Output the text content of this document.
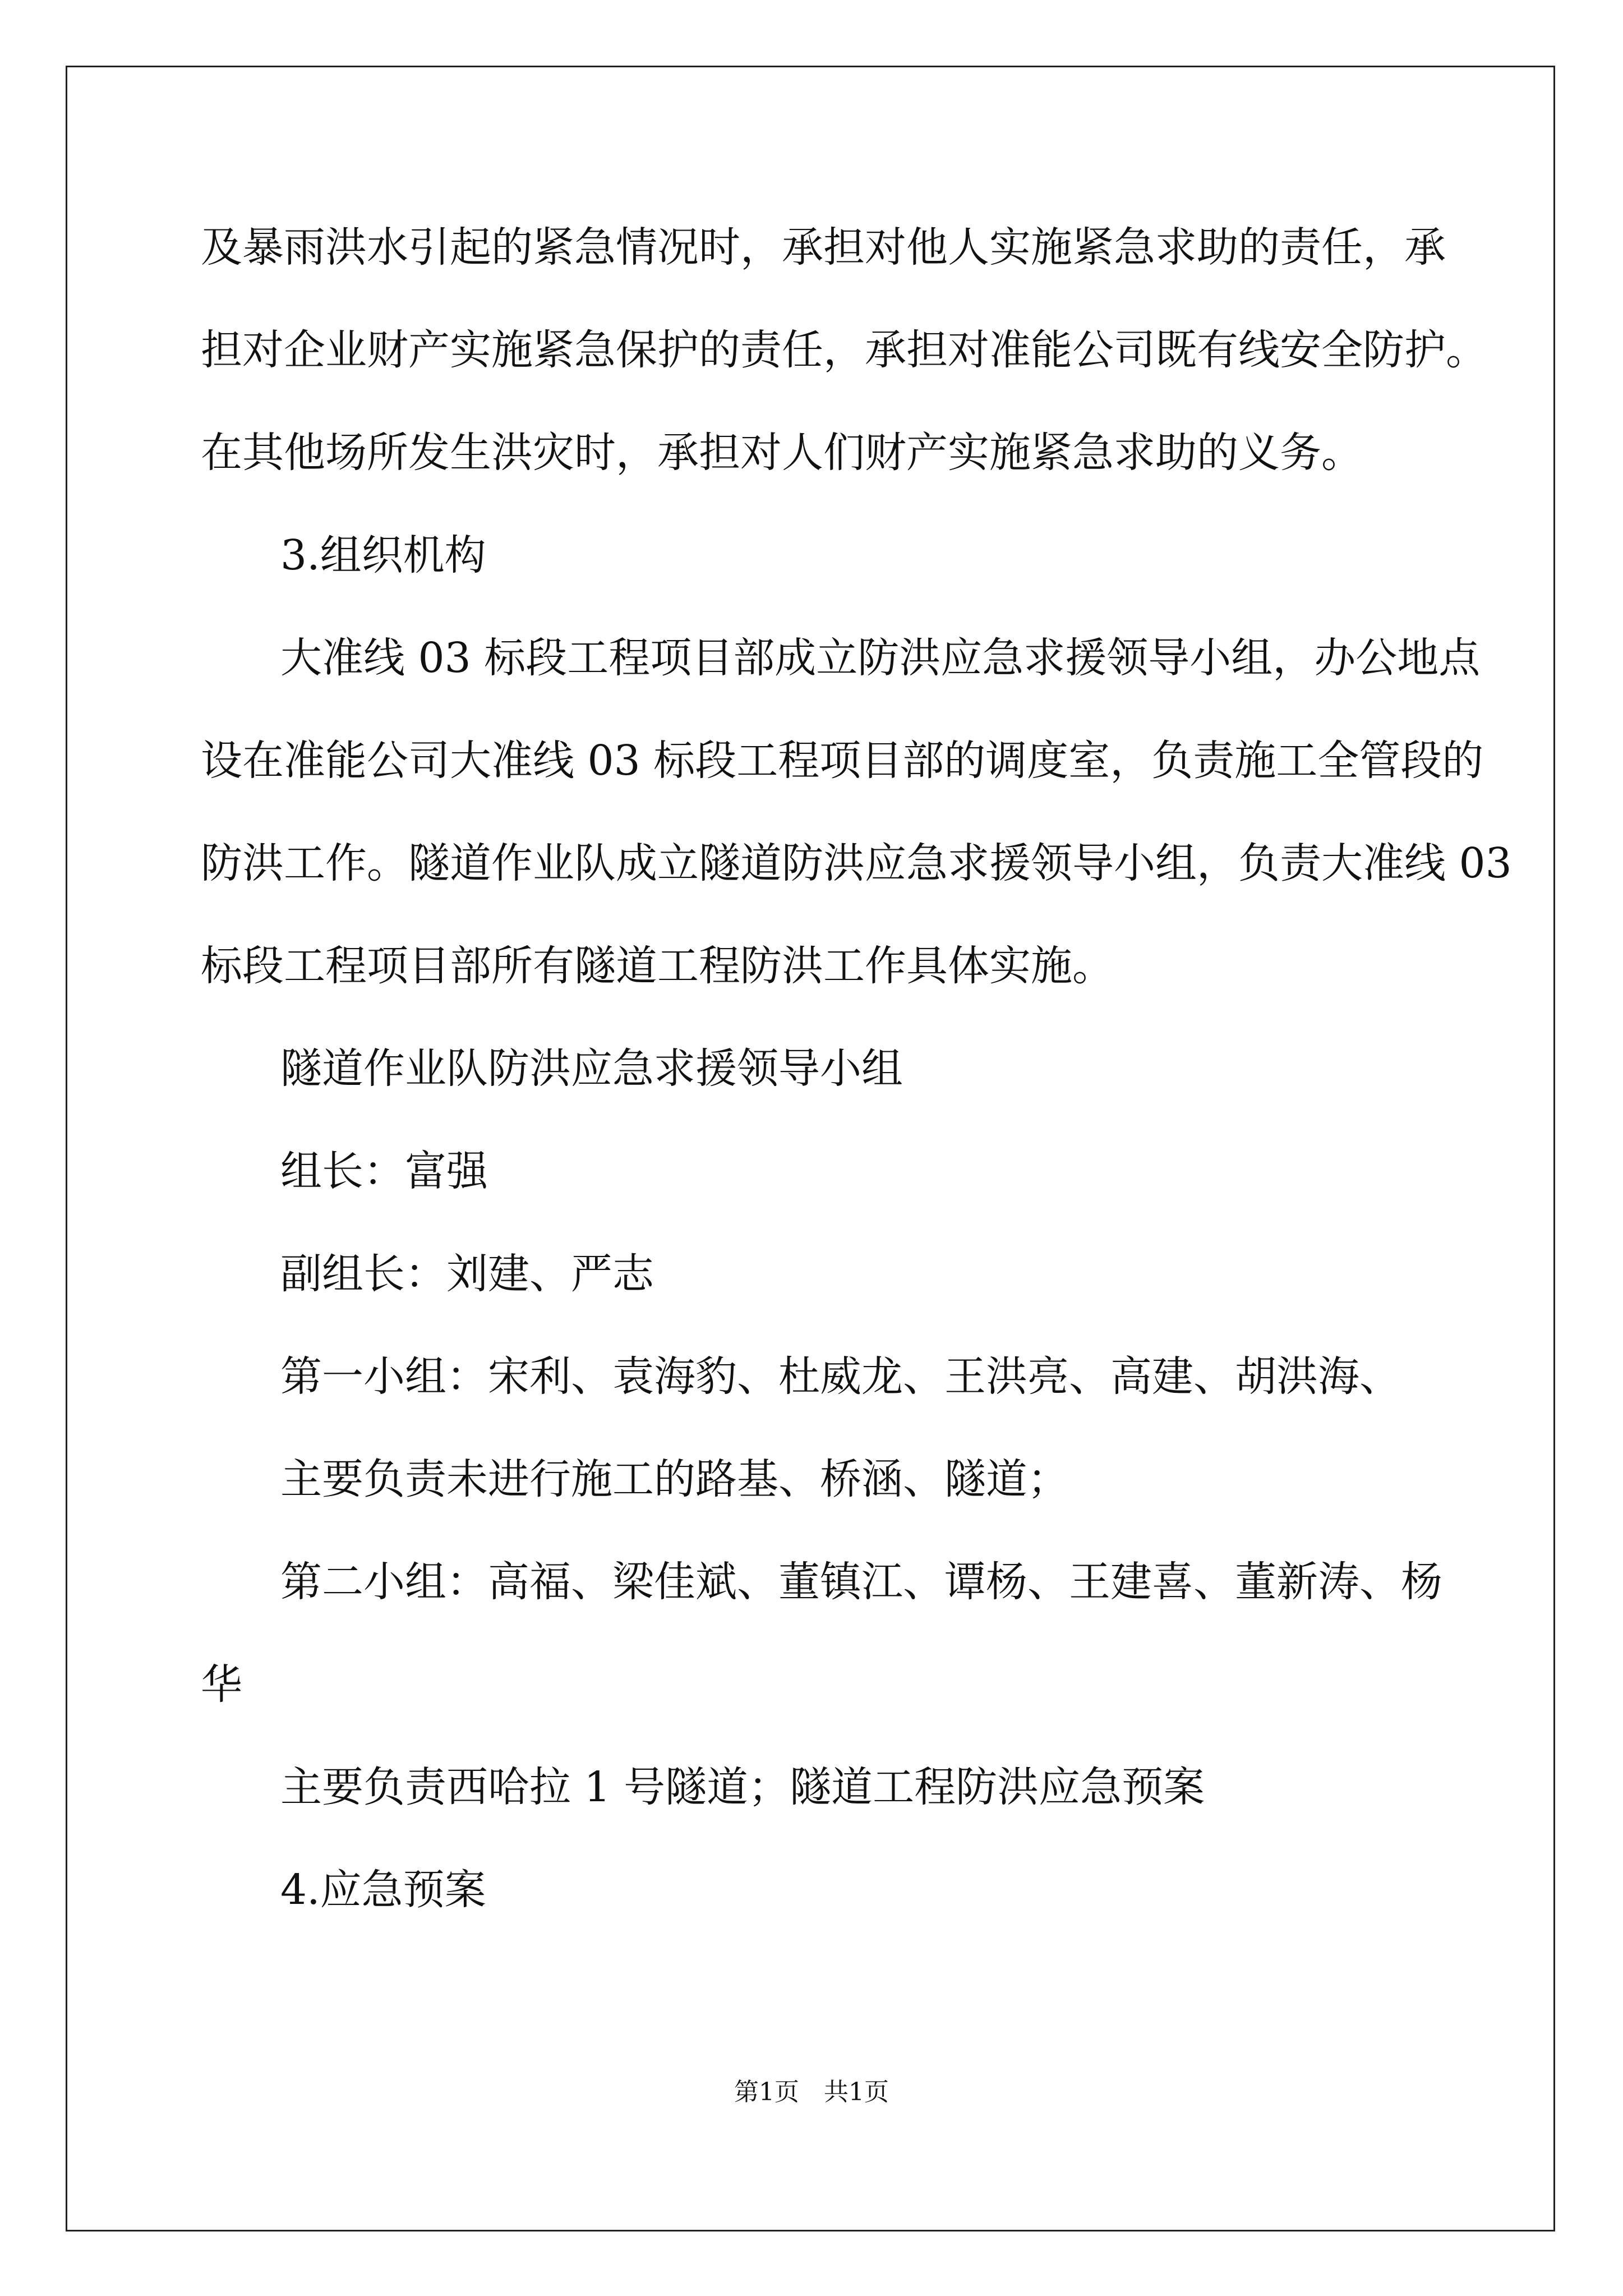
及暴雨洪水引起的紧急情况时，承担对他人实施紧急求助的责任，承
担对企业财产实施紧急保护的责任，承担对准能公司既有线安全防护。
在其他场所发生洪灾时，承担对人们财产实施紧急求助的义务。
3.组织机构
大准线 03 标段工程项目部成立防洪应急求援领导小组，办公地点
设在准能公司大准线 03 标段工程项目部的调度室，负责施工全管段的
防洪工作。隧道作业队成立隧道防洪应急求援领导小组，负责大准线 03
标段工程项目部所有隧道工程防洪工作具体实施。
隧道作业队防洪应急求援领导小组
组长：富强
副组长：刘建、严志
第一小组：宋利、袁海豹、杜威龙、王洪亮、高建、胡洪海、
主要负责未进行施工的路基、桥涵、隧道；
第二小组：高福、梁佳斌、董镇江、谭杨、王建喜、董新涛、杨
华
主要负责西哈拉 1 号隧道；隧道工程防洪应急预案
4.应急预案
第1页　共1页
